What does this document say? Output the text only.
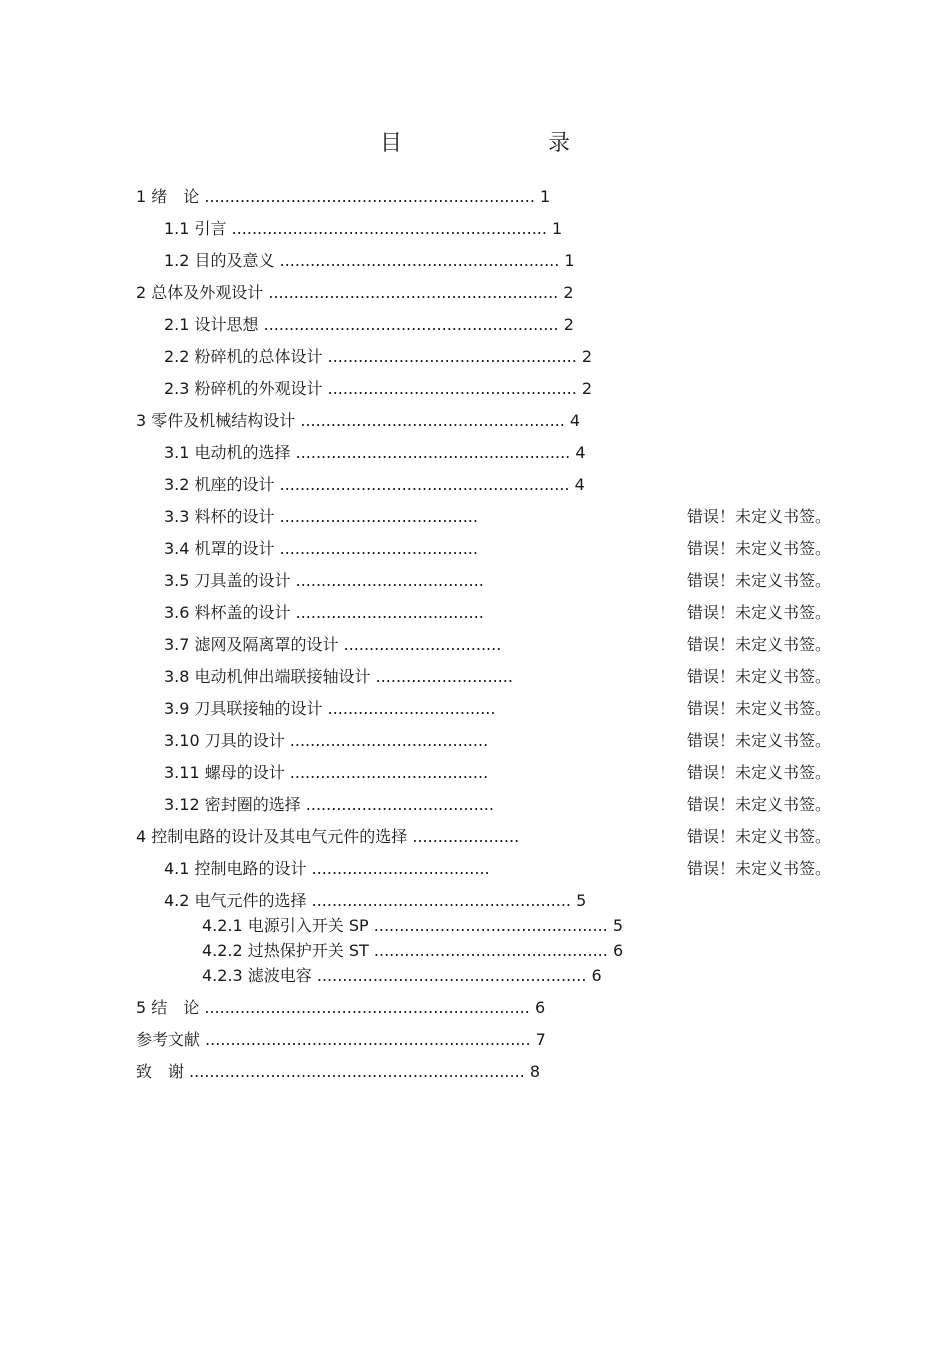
目　录
1 绪　论 ................................................................. 1
1.1 引言 .............................................................. 1
1.2 目的及意义 ....................................................... 1
2 总体及外观设计 ......................................................... 2
2.1 设计思想 .......................................................... 2
2.2 粉碎机的总体设计 ................................................. 2
2.3 粉碎机的外观设计 ................................................. 2
3 零件及机械结构设计 .................................................... 4
3.1 电动机的选择 ...................................................... 4
3.2 机座的设计 ......................................................... 4
3.3 料杯的设计 .......................................	错误！未定义书签。
3.4 机罩的设计 .......................................	错误！未定义书签。
3.5 刀具盖的设计 .....................................	错误！未定义书签。
3.6 料杯盖的设计 .....................................	错误！未定义书签。
3.7 滤网及隔离罩的设计 ...............................	错误！未定义书签。
3.8 电动机伸出端联接轴设计 ...........................	错误！未定义书签。
3.9 刀具联接轴的设计 .................................	错误！未定义书签。
3.10 刀具的设计 .......................................	错误！未定义书签。
3.11 螺母的设计 .......................................	错误！未定义书签。
3.12 密封圈的选择 .....................................	错误！未定义书签。
4 控制电路的设计及其电气元件的选择 .....................	错误！未定义书签。
4.1 控制电路的设计 ...................................	错误！未定义书签。
4.2 电气元件的选择 ................................................... 5
4.2.1 电源引入开关 SP .............................................. 5
4.2.2 过热保护开关 ST .............................................. 6
4.2.3 滤波电容 ..................................................... 6
5 结　论 ................................................................ 6
参考文献 ................................................................ 7
致　谢 .................................................................. 8
